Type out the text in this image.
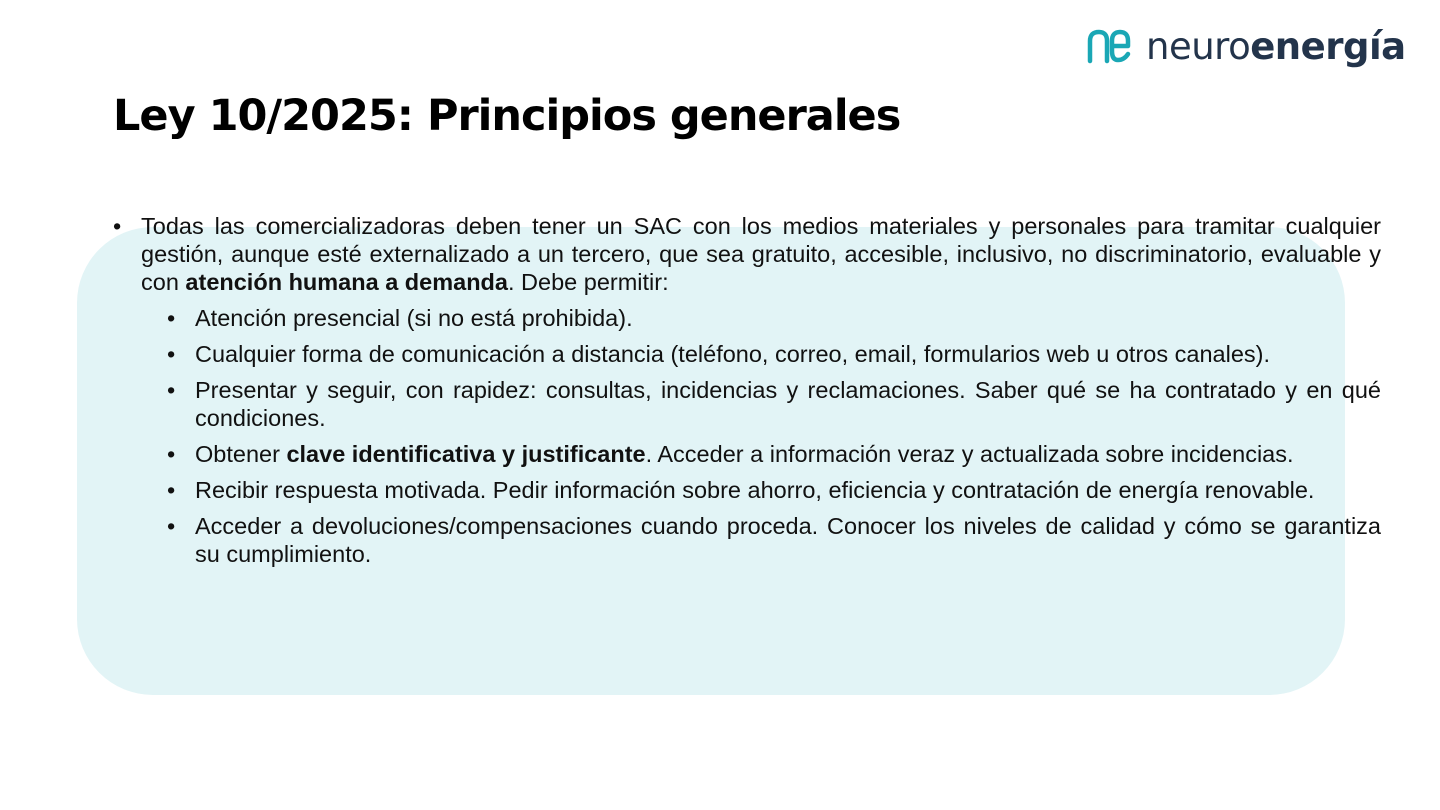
neuroenergía
Ley 10/2025: Principios generales
• Todas las comercializadoras deben tener un SAC con los medios materiales y personales para tramitar cualquier gestión, aunque esté externalizado a un tercero, que sea gratuito, accesible, inclusivo, no discriminatorio, evaluable y con atención humana a demanda. Debe permitir:
• Atención presencial (si no está prohibida).
• Cualquier forma de comunicación a distancia (teléfono, correo, email, formularios web u otros canales).
• Presentar y seguir, con rapidez: consultas, incidencias y reclamaciones. Saber qué se ha contratado y en qué condiciones.
• Obtener clave identificativa y justificante. Acceder a información veraz y actualizada sobre incidencias.
• Recibir respuesta motivada. Pedir información sobre ahorro, eficiencia y contratación de energía renovable.
• Acceder a devoluciones/compensaciones cuando proceda. Conocer los niveles de calidad y cómo se garantiza su cumplimiento.
